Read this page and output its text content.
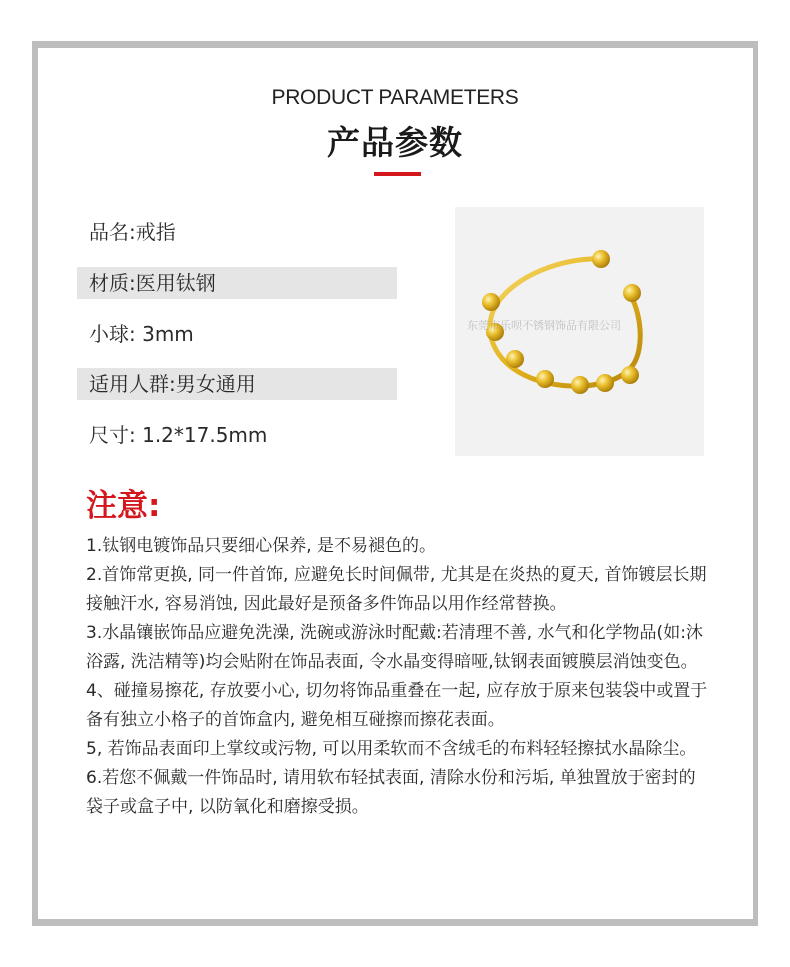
PRODUCT PARAMETERS
产品参数
品名:戒指
材质:医用钛钢
小球: 3mm
适用人群:男女通用
尺寸: 1.2*17.5mm
东莞市乐呗不锈钢饰品有限公司
注意:

1.钛钢电镀饰品只要细心保养, 是不易褪色的。

2.首饰常更换, 同一件首饰, 应避免长时间佩带, 尤其是在炎热的夏天, 首饰镀层长期接触汗水, 容易消蚀, 因此最好是预备多件饰品以用作经常替换。

3.水晶镶嵌饰品应避免洗澡, 洗碗或游泳时配戴:若清理不善, 水气和化学物品(如:沐浴露, 洗洁精等)均会贴附在饰品表面, 令水晶变得暗哑,钛钢表面镀膜层消蚀变色。

4、碰撞易擦花, 存放要小心, 切勿将饰品重叠在一起, 应存放于原来包装袋中或置于备有独立小格子的首饰盒内, 避免相互碰擦而擦花表面。

5, 若饰品表面印上掌纹或污物, 可以用柔软而不含绒毛的布料轻轻擦拭水晶除尘。

6.若您不佩戴一件饰品时, 请用软布轻拭表面, 清除水份和污垢, 单独置放于密封的袋子或盒子中, 以防氧化和磨擦受损。
